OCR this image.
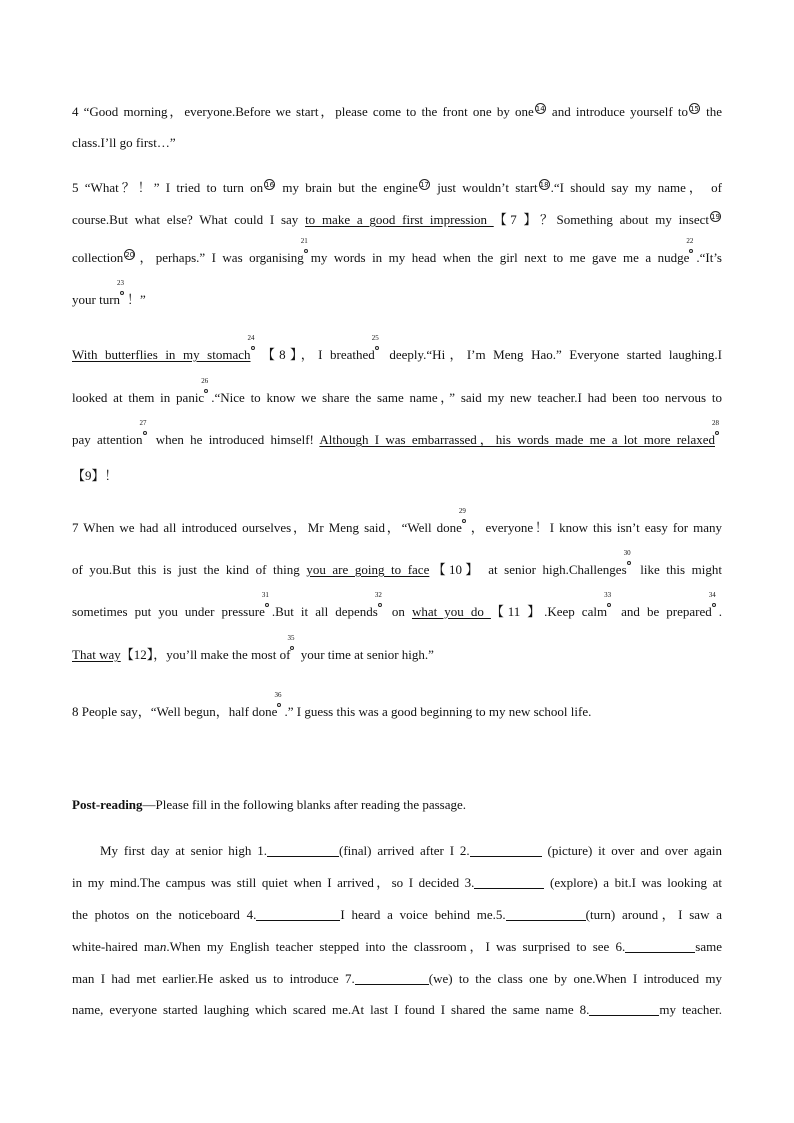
4 “Good morning，everyone.Before we start，please come to the front one by one 14 and introduce yourself to 15 the
class.I’ll go first…”
5 “What？！” I tried to turn on 16 my brain but the engine 17 just wouldn’t start 18 .“I should say my name， of
course.But what else? What could I say to make a good first impression 【7 】？Something about my insect 19
collection 20 ，perhaps.” I was organising
21
my words in my head when the girl next to me gave me a nudge
22
.“It’s
your turn
23
！”
With butterflies in my stomach
24
【8】，I breathed
25
deeply.“Hi，I’m Meng Hao.” Everyone started laughing.I
looked at them in panic
26
.“Nice to know we share the same name，” said my new teacher.I had been too nervous to
pay attention
27
when he introduced himself! Although I was embarrassed，his words made me a lot more relaxed
28
【9】！
7 When we had all introduced ourselves，Mr Meng said，“Well done
29
，everyone！I know this isn’t easy for many
of you.But this is just the kind of thing you are going to face【10】 at senior high.Challenges
30
like this might
sometimes put you under pressure
31
.But it all depends
32
on what you do 【11 】.Keep calm
33
and be prepared
34
.
That way【12】，you’ll make the most of
35
your time at senior high.”
8 People say，“Well begun，half done
36
.” I guess this was a good beginning to my new school life.
Post-reading—Please fill in the following blanks after reading the passage.
My first day at senior high 1.	(final) arrived after I 2.	(picture) it over and over again
in my mind.The campus was still quiet when I arrived，so I decided 3.	(explore) a bit.I was looking at
the photos on the noticeboard 4.	I heard a voice behind me.5.	(turn) around，I saw a
white-haired man.When my English teacher stepped into the classroom，I was surprised to see 6.	same
man I had met earlier.He asked us to introduce 7.	(we) to the class one by one.When I introduced my
name, everyone started laughing which scared me.At last I found I shared the same name 8.	my teacher.
